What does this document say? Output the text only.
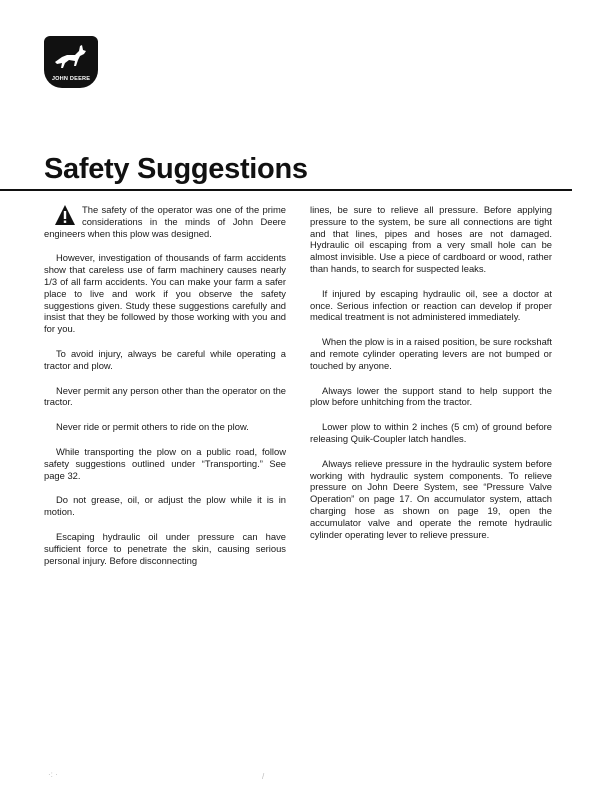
JOHN DEERE
Safety Suggestions

The safety of the operator was one of the prime considerations in the minds of John Deere engineers when this plow was designed.

However, investigation of thousands of farm accidents show that careless use of farm machinery causes nearly 1/3 of all farm accidents. You can make your farm a safer place to live and work if you observe the safety suggestions given. Study these suggestions carefully and insist that they be followed by those working with you and for you.

To avoid injury, always be careful while operating a tractor and plow.

Never permit any person other than the operator on the tractor.

Never ride or permit others to ride on the plow.

While transporting the plow on a public road, follow safety suggestions outlined under “Transporting.” See page 32.

Do not grease, oil, or adjust the plow while it is in motion.

Escaping hydraulic oil under pressure can have sufficient force to penetrate the skin, causing serious personal injury. Before disconnecting

lines, be sure to relieve all pressure. Before applying pressure to the system, be sure all connections are tight and that lines, pipes and hoses are not damaged. Hydraulic oil escaping from a very small hole can be almost invisible. Use a piece of cardboard or wood, rather than hands, to search for suspected leaks.

If injured by escaping hydraulic oil, see a doctor at once. Serious infection or reaction can develop if proper medical treatment is not administered immediately.

When the plow is in a raised position, be sure rockshaft and remote cylinder operating levers are not bumped or touched by anyone.

Always lower the support stand to help support the plow before unhitching from the tractor.

Lower plow to within 2 inches (5 cm) of ground before releasing Quik-Coupler latch handles.

Always relieve pressure in the hydraulic system before working with hydraulic system components. To relieve pressure on John Deere System, see “Pressure Valve Operation” on page 17. On accumulator system, attach charging hose as shown on page 19, open the accumulator valve and operate the remote hydraulic cylinder operating lever to relieve pressure.

·: ·	/
